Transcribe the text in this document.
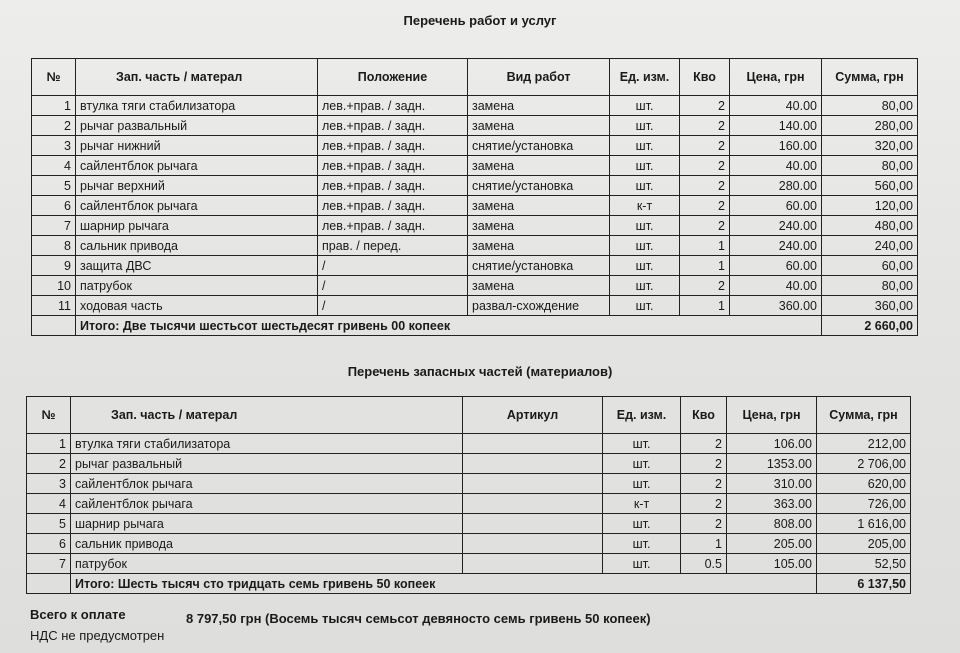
Перечень работ и услуг
№	Зап. часть / матерал	Положение	Вид работ	Ед. изм.	Кво	Цена, грн	Сумма, грн
1	втулка тяги стабилизатора	лев.+прав. / задн.	замена	шт.	2	40.00	80,00
2	рычаг развальный	лев.+прав. / задн.	замена	шт.	2	140.00	280,00
3	рычаг нижний	лев.+прав. / задн.	снятие/установка	шт.	2	160.00	320,00
4	сайлентблок рычага	лев.+прав. / задн.	замена	шт.	2	40.00	80,00
5	рычаг верхний	лев.+прав. / задн.	снятие/установка	шт.	2	280.00	560,00
6	сайлентблок рычага	лев.+прав. / задн.	замена	к-т	2	60.00	120,00
7	шарнир рычага	лев.+прав. / задн.	замена	шт.	2	240.00	480,00
8	сальник привода	прав. / перед.	замена	шт.	1	240.00	240,00
9	защита ДВС	/	снятие/установка	шт.	1	60.00	60,00
10	патрубок	/	замена	шт.	2	40.00	80,00
11	ходовая часть	/	развал-схождение	шт.	1	360.00	360,00
	Итого: Две тысячи шестьсот шестьдесят гривень 00 копеек						2 660,00
Перечень запасных частей (материалов)
№	Зап. часть / матерал	Артикул	Ед. изм.	Кво	Цена, грн	Сумма, грн
1	втулка тяги стабилизатора		шт.	2	106.00	212,00
2	рычаг развальный		шт.	2	1353.00	2 706,00
3	сайлентблок рычага		шт.	2	310.00	620,00
4	сайлентблок рычага		к-т	2	363.00	726,00
5	шарнир рычага		шт.	2	808.00	1 616,00
6	сальник привода		шт.	1	205.00	205,00
7	патрубок		шт.	0.5	105.00	52,50
	Итого: Шесть тысяч сто тридцать семь гривень 50 копеек					6 137,50
Всего к оплате	8 797,50 грн (Восемь тысяч семьсот девяносто семь гривень 50 копеек)
НДС не предусмотрен
